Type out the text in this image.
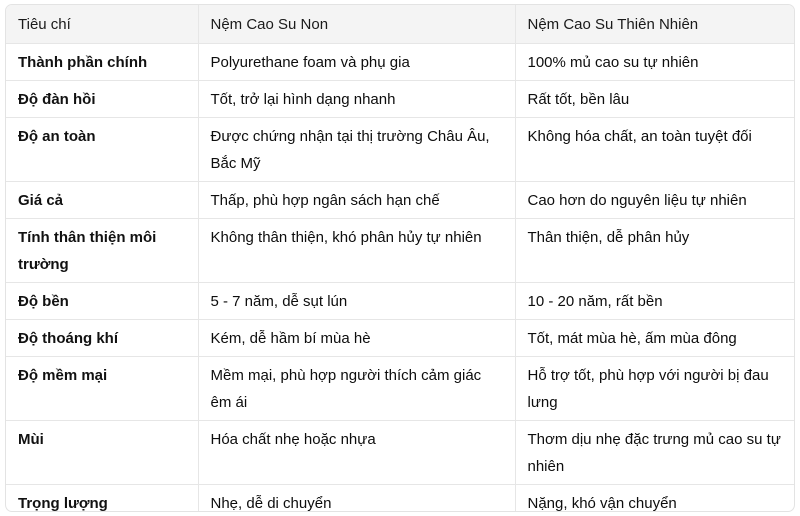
Tiêu chí	Nệm Cao Su Non	Nệm Cao Su Thiên Nhiên
Thành phần chính	Polyurethane foam và phụ gia	100% mủ cao su tự nhiên
Độ đàn hồi	Tốt, trở lại hình dạng nhanh	Rất tốt, bền lâu
Độ an toàn	Được chứng nhận tại thị trường Châu Âu, Bắc Mỹ	Không hóa chất, an toàn tuyệt đối
Giá cả	Thấp, phù hợp ngân sách hạn chế	Cao hơn do nguyên liệu tự nhiên
Tính thân thiện môi trường	Không thân thiện, khó phân hủy tự nhiên	Thân thiện, dễ phân hủy
Độ bền	5 - 7 năm, dễ sụt lún	10 - 20 năm, rất bền
Độ thoáng khí	Kém, dễ hầm bí mùa hè	Tốt, mát mùa hè, ấm mùa đông
Độ mềm mại	Mềm mại, phù hợp người thích cảm giác êm ái	Hỗ trợ tốt, phù hợp với người bị đau lưng
Mùi	Hóa chất nhẹ hoặc nhựa	Thơm dịu nhẹ đặc trưng mủ cao su tự nhiên
Trọng lượng	Nhẹ, dễ di chuyển	Nặng, khó vận chuyển
